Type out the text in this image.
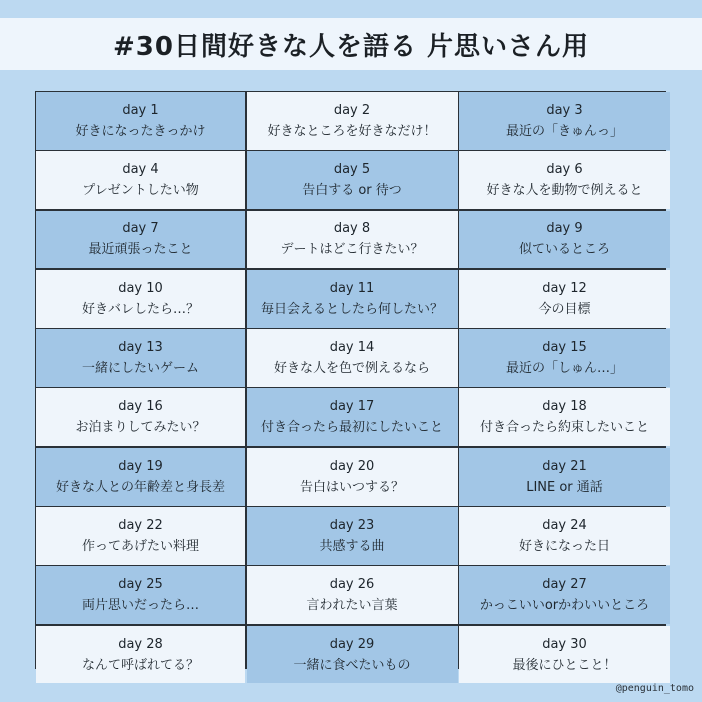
#30日間好きな人を語る 片思いさん用
day 1
好きになったきっかけ
day 2
好きなところを好きなだけ！
day 3
最近の「きゅんっ」
day 4
プレゼントしたい物
day 5
告白する or 待つ
day 6
好きな人を動物で例えると
day 7
最近頑張ったこと
day 8
デートはどこ行きたい？
day 9
似ているところ
day 10
好きバレしたら…？
day 11
毎日会えるとしたら何したい？
day 12
今の目標
day 13
一緒にしたいゲーム
day 14
好きな人を色で例えるなら
day 15
最近の「しゅん…」
day 16
お泊まりしてみたい？
day 17
付き合ったら最初にしたいこと
day 18
付き合ったら約束したいこと
day 19
好きな人との年齢差と身長差
day 20
告白はいつする？
day 21
LINE or 通話
day 22
作ってあげたい料理
day 23
共感する曲
day 24
好きになった日
day 25
両片思いだったら…
day 26
言われたい言葉
day 27
かっこいいorかわいいところ
day 28
なんて呼ばれてる？
day 29
一緒に食べたいもの
day 30
最後にひとこと！
@penguin_tomo
